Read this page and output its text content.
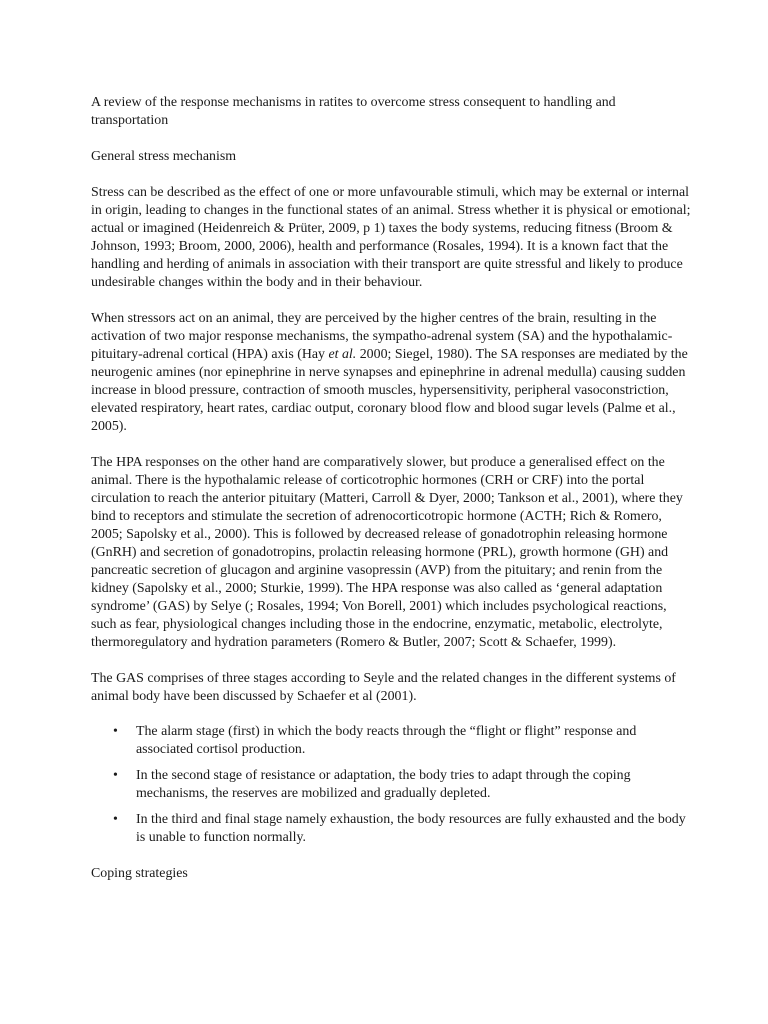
A review of the response mechanisms in ratites to overcome stress consequent to handling and transportation

General stress mechanism

Stress can be described as the effect of one or more unfavourable stimuli, which may be external or internal in origin, leading to changes in the functional states of an animal. Stress whether it is physical or emotional; actual or imagined (Heidenreich & Prüter, 2009, p 1) taxes the body systems, reducing fitness (Broom & Johnson, 1993; Broom, 2000, 2006), health and performance (Rosales, 1994). It is a known fact that the handling and herding of animals in association with their transport are quite stressful and likely to produce undesirable changes within the body and in their behaviour.

When stressors act on an animal, they are perceived by the higher centres of the brain, resulting in the activation of two major response mechanisms, the sympatho-adrenal system (SA) and the hypothalamic-pituitary-adrenal cortical (HPA) axis (Hay et al. 2000; Siegel, 1980). The SA responses are mediated by the neurogenic amines (nor epinephrine in nerve synapses and epinephrine in adrenal medulla) causing sudden increase in blood pressure, contraction of smooth muscles, hypersensitivity, peripheral vasoconstriction, elevated respiratory, heart rates, cardiac output, coronary blood flow and blood sugar levels (Palme et al., 2005).

The HPA responses on the other hand are comparatively slower, but produce a generalised effect on the animal. There is the hypothalamic release of corticotrophic hormones (CRH or CRF) into the portal circulation to reach the anterior pituitary (Matteri, Carroll & Dyer, 2000; Tankson et al., 2001), where they bind to receptors and stimulate the secretion of adrenocorticotropic hormone (ACTH; Rich & Romero, 2005; Sapolsky et al., 2000). This is followed by decreased release of gonadotrophin releasing hormone (GnRH) and secretion of gonadotropins, prolactin releasing hormone (PRL), growth hormone (GH) and pancreatic secretion of glucagon and arginine vasopressin (AVP) from the pituitary; and renin from the kidney (Sapolsky et al., 2000; Sturkie, 1999). The HPA response was also called as ‘general adaptation syndrome’ (GAS) by Selye (; Rosales, 1994; Von Borell, 2001) which includes psychological reactions, such as fear, physiological changes including those in the endocrine, enzymatic, metabolic, electrolyte, thermoregulatory and hydration parameters (Romero & Butler, 2007; Scott & Schaefer, 1999).

The GAS comprises of three stages according to Seyle and the related changes in the different systems of animal body have been discussed by Schaefer et al (2001).

• The alarm stage (first) in which the body reacts through the “flight or flight” response and associated cortisol production.
• In the second stage of resistance or adaptation, the body tries to adapt through the coping mechanisms, the reserves are mobilized and gradually depleted.
• In the third and final stage namely exhaustion, the body resources are fully exhausted and the body is unable to function normally.

Coping strategies
